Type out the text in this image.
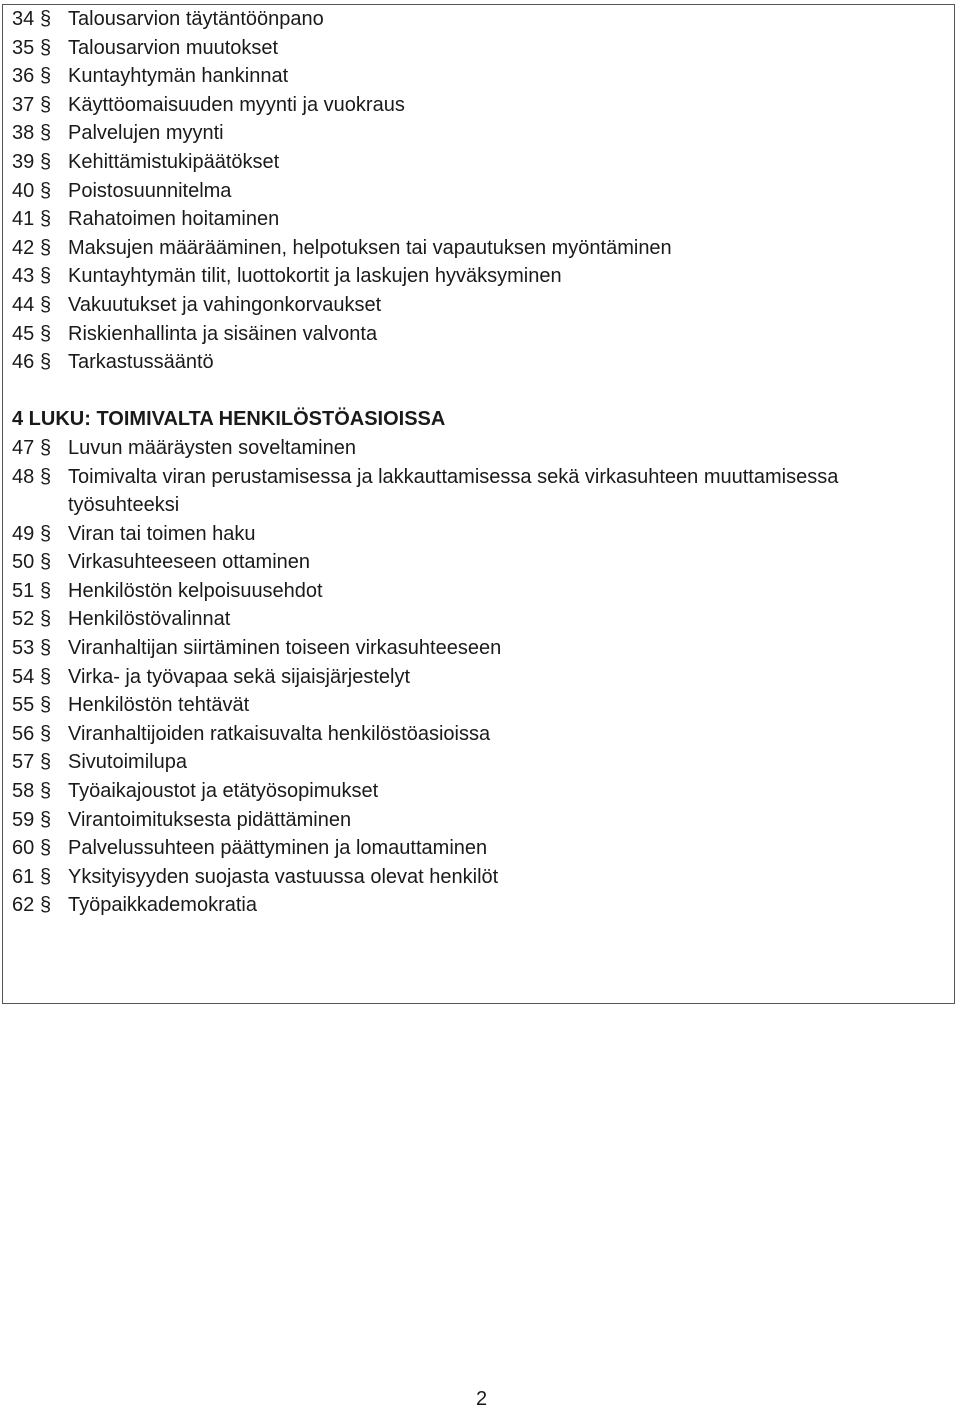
34 § Talousarvion täytäntöönpano
35 § Talousarvion muutokset
36 § Kuntayhtymän hankinnat
37 § Käyttöomaisuuden myynti ja vuokraus
38 § Palvelujen myynti
39 § Kehittämistukipäätökset
40 § Poistosuunnitelma
41 § Rahatoimen hoitaminen
42 § Maksujen määrääminen, helpotuksen tai vapautuksen myöntäminen
43 § Kuntayhtymän tilit, luottokortit ja laskujen hyväksyminen
44 § Vakuutukset ja vahingonkorvaukset
45 § Riskienhallinta ja sisäinen valvonta
46 § Tarkastussääntö
4 LUKU: TOIMIVALTA HENKILÖSTÖASIOISSA
47 § Luvun määräysten soveltaminen
48 § Toimivalta viran perustamisessa ja lakkauttamisessa sekä virkasuhteen muuttamisessa työsuhteeksi
49 § Viran tai toimen haku
50 § Virkasuhteeseen ottaminen
51 § Henkilöstön kelpoisuusehdot
52 § Henkilöstövalinnat
53 § Viranhaltijan siirtäminen toiseen virkasuhteeseen
54 § Virka- ja työvapaa sekä sijaisjärjestelyt
55 § Henkilöstön tehtävät
56 § Viranhaltijoiden ratkaisuvalta henkilöstöasioissa
57 § Sivutoimilupa
58 § Työaikajoustot ja etätyösopimukset
59 § Virantoimituksesta pidättäminen
60 § Palvelussuhteen päättyminen ja lomauttaminen
61 § Yksityisyyden suojasta vastuussa olevat henkilöt
62 § Työpaikkademokratia
2
